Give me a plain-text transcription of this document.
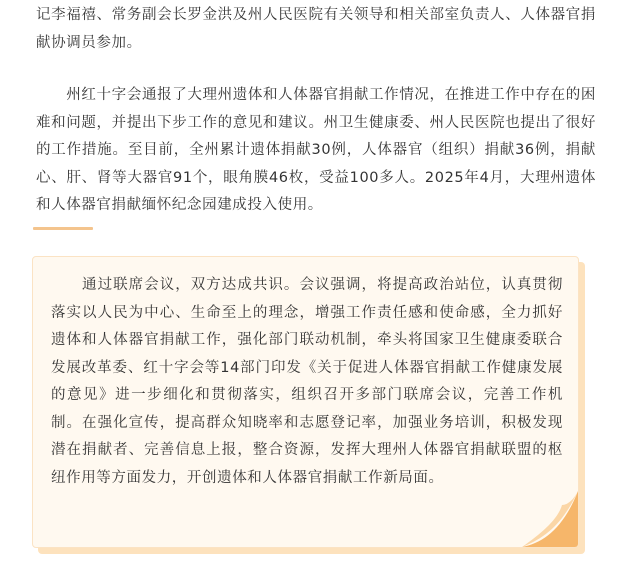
记李福禧、常务副会长罗金洪及州人民医院有关领导和相关部室负责人、人体器官捐献协调员参加。

　　州红十字会通报了大理州遗体和人体器官捐献工作情况，在推进工作中存在的困难和问题，并提出下步工作的意见和建议。州卫生健康委、州人民医院也提出了很好的工作措施。至目前，全州累计遗体捐献30例，人体器官（组织）捐献36例，捐献心、肝、肾等大器官91个，眼角膜46枚，受益100多人。2025年4月，大理州遗体和人体器官捐献缅怀纪念园建成投入使用。

　　通过联席会议，双方达成共识。会议强调，将提高政治站位，认真贯彻落实以人民为中心、生命至上的理念，增强工作责任感和使命感，全力抓好遗体和人体器官捐献工作，强化部门联动机制，牵头将国家卫生健康委联合发展改革委、红十字会等14部门印发《关于促进人体器官捐献工作健康发展的意见》进一步细化和贯彻落实，组织召开多部门联席会议，完善工作机制。在强化宣传，提高群众知晓率和志愿登记率，加强业务培训，积极发现潜在捐献者、完善信息上报，整合资源，发挥大理州人体器官捐献联盟的枢纽作用等方面发力，开创遗体和人体器官捐献工作新局面。
